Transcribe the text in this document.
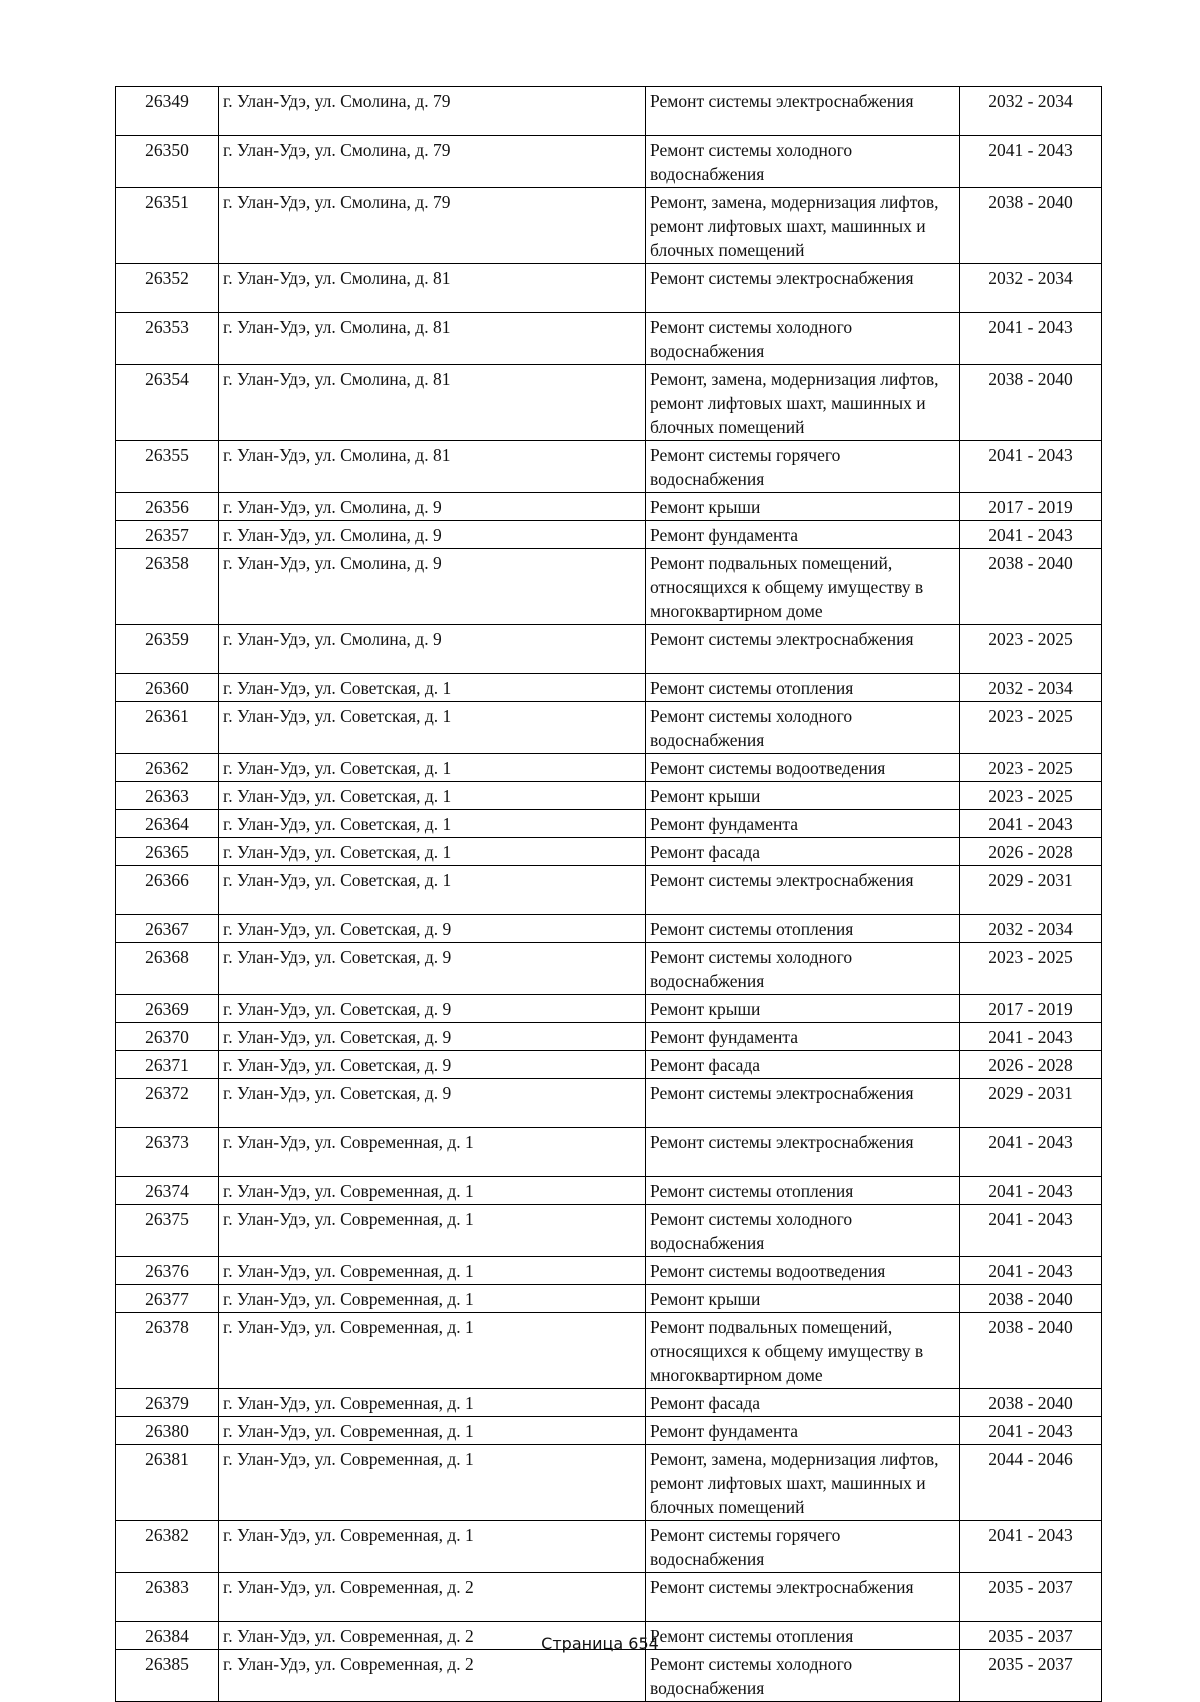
26349	г. Улан-Удэ, ул. Смолина, д. 79	Ремонт системы электроснабжения	2032 - 2034
26350	г. Улан-Удэ, ул. Смолина, д. 79	Ремонт системы холодного водоснабжения	2041 - 2043
26351	г. Улан-Удэ, ул. Смолина, д. 79	Ремонт, замена, модернизация лифтов, ремонт лифтовых шахт, машинных и блочных помещений	2038 - 2040
26352	г. Улан-Удэ, ул. Смолина, д. 81	Ремонт системы электроснабжения	2032 - 2034
26353	г. Улан-Удэ, ул. Смолина, д. 81	Ремонт системы холодного водоснабжения	2041 - 2043
26354	г. Улан-Удэ, ул. Смолина, д. 81	Ремонт, замена, модернизация лифтов, ремонт лифтовых шахт, машинных и блочных помещений	2038 - 2040
26355	г. Улан-Удэ, ул. Смолина, д. 81	Ремонт системы горячего водоснабжения	2041 - 2043
26356	г. Улан-Удэ, ул. Смолина, д. 9	Ремонт крыши	2017 - 2019
26357	г. Улан-Удэ, ул. Смолина, д. 9	Ремонт фундамента	2041 - 2043
26358	г. Улан-Удэ, ул. Смолина, д. 9	Ремонт подвальных помещений, относящихся к общему имуществу в многоквартирном доме	2038 - 2040
26359	г. Улан-Удэ, ул. Смолина, д. 9	Ремонт системы электроснабжения	2023 - 2025
26360	г. Улан-Удэ, ул. Советская, д. 1	Ремонт системы отопления	2032 - 2034
26361	г. Улан-Удэ, ул. Советская, д. 1	Ремонт системы холодного водоснабжения	2023 - 2025
26362	г. Улан-Удэ, ул. Советская, д. 1	Ремонт системы водоотведения	2023 - 2025
26363	г. Улан-Удэ, ул. Советская, д. 1	Ремонт крыши	2023 - 2025
26364	г. Улан-Удэ, ул. Советская, д. 1	Ремонт фундамента	2041 - 2043
26365	г. Улан-Удэ, ул. Советская, д. 1	Ремонт фасада	2026 - 2028
26366	г. Улан-Удэ, ул. Советская, д. 1	Ремонт системы электроснабжения	2029 - 2031
26367	г. Улан-Удэ, ул. Советская, д. 9	Ремонт системы отопления	2032 - 2034
26368	г. Улан-Удэ, ул. Советская, д. 9	Ремонт системы холодного водоснабжения	2023 - 2025
26369	г. Улан-Удэ, ул. Советская, д. 9	Ремонт крыши	2017 - 2019
26370	г. Улан-Удэ, ул. Советская, д. 9	Ремонт фундамента	2041 - 2043
26371	г. Улан-Удэ, ул. Советская, д. 9	Ремонт фасада	2026 - 2028
26372	г. Улан-Удэ, ул. Советская, д. 9	Ремонт системы электроснабжения	2029 - 2031
26373	г. Улан-Удэ, ул. Современная, д. 1	Ремонт системы электроснабжения	2041 - 2043
26374	г. Улан-Удэ, ул. Современная, д. 1	Ремонт системы отопления	2041 - 2043
26375	г. Улан-Удэ, ул. Современная, д. 1	Ремонт системы холодного водоснабжения	2041 - 2043
26376	г. Улан-Удэ, ул. Современная, д. 1	Ремонт системы водоотведения	2041 - 2043
26377	г. Улан-Удэ, ул. Современная, д. 1	Ремонт крыши	2038 - 2040
26378	г. Улан-Удэ, ул. Современная, д. 1	Ремонт подвальных помещений, относящихся к общему имуществу в многоквартирном доме	2038 - 2040
26379	г. Улан-Удэ, ул. Современная, д. 1	Ремонт фасада	2038 - 2040
26380	г. Улан-Удэ, ул. Современная, д. 1	Ремонт фундамента	2041 - 2043
26381	г. Улан-Удэ, ул. Современная, д. 1	Ремонт, замена, модернизация лифтов, ремонт лифтовых шахт, машинных и блочных помещений	2044 - 2046
26382	г. Улан-Удэ, ул. Современная, д. 1	Ремонт системы горячего водоснабжения	2041 - 2043
26383	г. Улан-Удэ, ул. Современная, д. 2	Ремонт системы электроснабжения	2035 - 2037
26384	г. Улан-Удэ, ул. Современная, д. 2	Ремонт системы отопления	2035 - 2037
26385	г. Улан-Удэ, ул. Современная, д. 2	Ремонт системы холодного водоснабжения	2035 - 2037
Страница 654
